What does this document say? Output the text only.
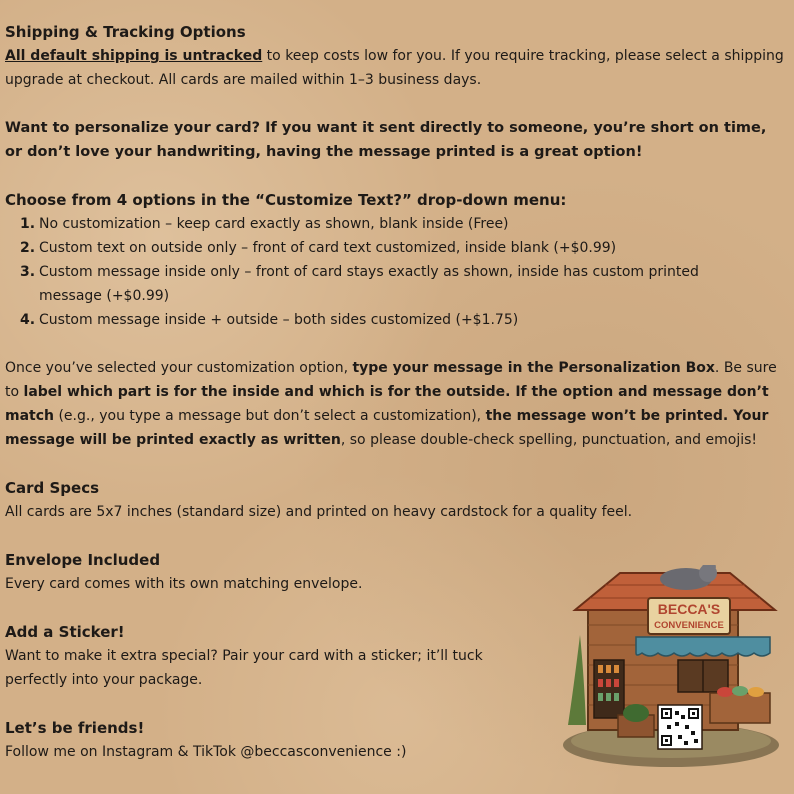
Shipping & Tracking Options

All default shipping is untracked to keep costs low for you. If you require tracking, please select a shipping upgrade at checkout. All cards are mailed within 1–3 business days.

Want to personalize your card? If you want it sent directly to someone, you’re short on time, or don’t love your handwriting, having the message printed is a great option!

Choose from 4 options in the “Customize Text?” drop-down menu:
1. No customization – keep card exactly as shown, blank inside (Free)
2. Custom text on outside only – front of card text customized, inside blank (+$0.99)
3. Custom message inside only – front of card stays exactly as shown, inside has custom printed message (+$0.99)
4. Custom message inside + outside – both sides customized (+$1.75)

Once you’ve selected your customization option, type your message in the Personalization Box. Be sure to label which part is for the inside and which is for the outside. If the option and message don’t match (e.g., you type a message but don’t select a customization), the message won’t be printed. Your message will be printed exactly as written, so please double-check spelling, punctuation, and emojis!

Card Specs

All cards are 5x7 inches (standard size) and printed on heavy cardstock for a quality feel.

Envelope Included

Every card comes with its own matching envelope.

Add a Sticker!

Want to make it extra special? Pair your card with a sticker; it’ll tuck perfectly into your package.

Let’s be friends!

Follow me on Instagram & TikTok @beccasconvenience :)

BECCA'S
CONVENIENCE
